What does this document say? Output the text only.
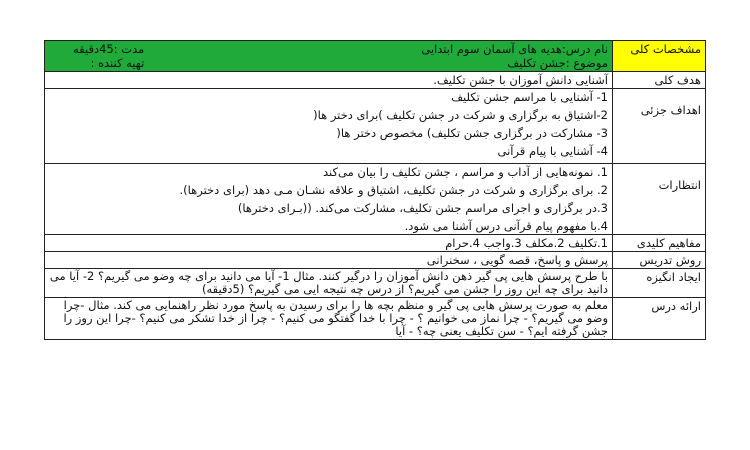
مشخصات کلی	نام درس:هدیه های آسمان سوم ابتدایی
موضوع :جشن تکلیف
مدت :45دقیقه
تهیه کننده :

هدف کلی	آشنایی دانش آموزان با جشن تکلیف.
اهداف جزئی	1- آشنایی با مراسم جشن تکلیف

2-اشتیاق به برگزاری و شرکت در جشن تکلیف )برای دختر ها(

3- مشارکت در برگزاری جشن تکلیف) مخصوص دختر ها(

4- آشنایی با پیام قرآنی

انتظارات	1. نمونه‌هایی از آداب و مراسم ، جشن تکلیف را بیان می‌کند

2. برای برگزاری و شرکت در جشن تکلیف، اشتیاق و علاقه نشـان مـی دهد (برای دختر‌ها).

3.در برگزاری و اجرای مراسم جشن تکلیف، مشارکت می‌کند. ((بـرای دختر‌ها)

4.با مفهوم پیام قرآنی درس آشنا می شود.

مفاهیم کلیدی	1.تکلیف 2.مکلف 3.واجب 4.حرام
روش تدریس	پرسش و پاسخ، قصه گویی ، سخنرانی
ایجاد انگیزه	با طرح پرسش هایی پی گیر ذهن دانش آموزان را درگیر کنند. مثال 1- آیا می دانید برای چه وضو می گیریم؟ 2- آیا می دانید برای چه این روز را جشن می گیریم؟ از درس چه نتیجه ایی می گیریم؟ (5دقیقه)
ارائه درس	معلم به صورت پرسش هایی پی گیر و منظم بچه ها را برای رسیدن به پاسخ مورد نظر راهنمایی می کند. مثال -چرا وضو می گیریم؟ - چرا نماز می خوانیم ؟ - چرا با خدا گفتگو می کنیم؟ - چرا از خدا تشکر می کنیم؟ -چرا این روز را جشن گرفته ایم؟ - سن تکلیف یعنی چه؟ - آیا
